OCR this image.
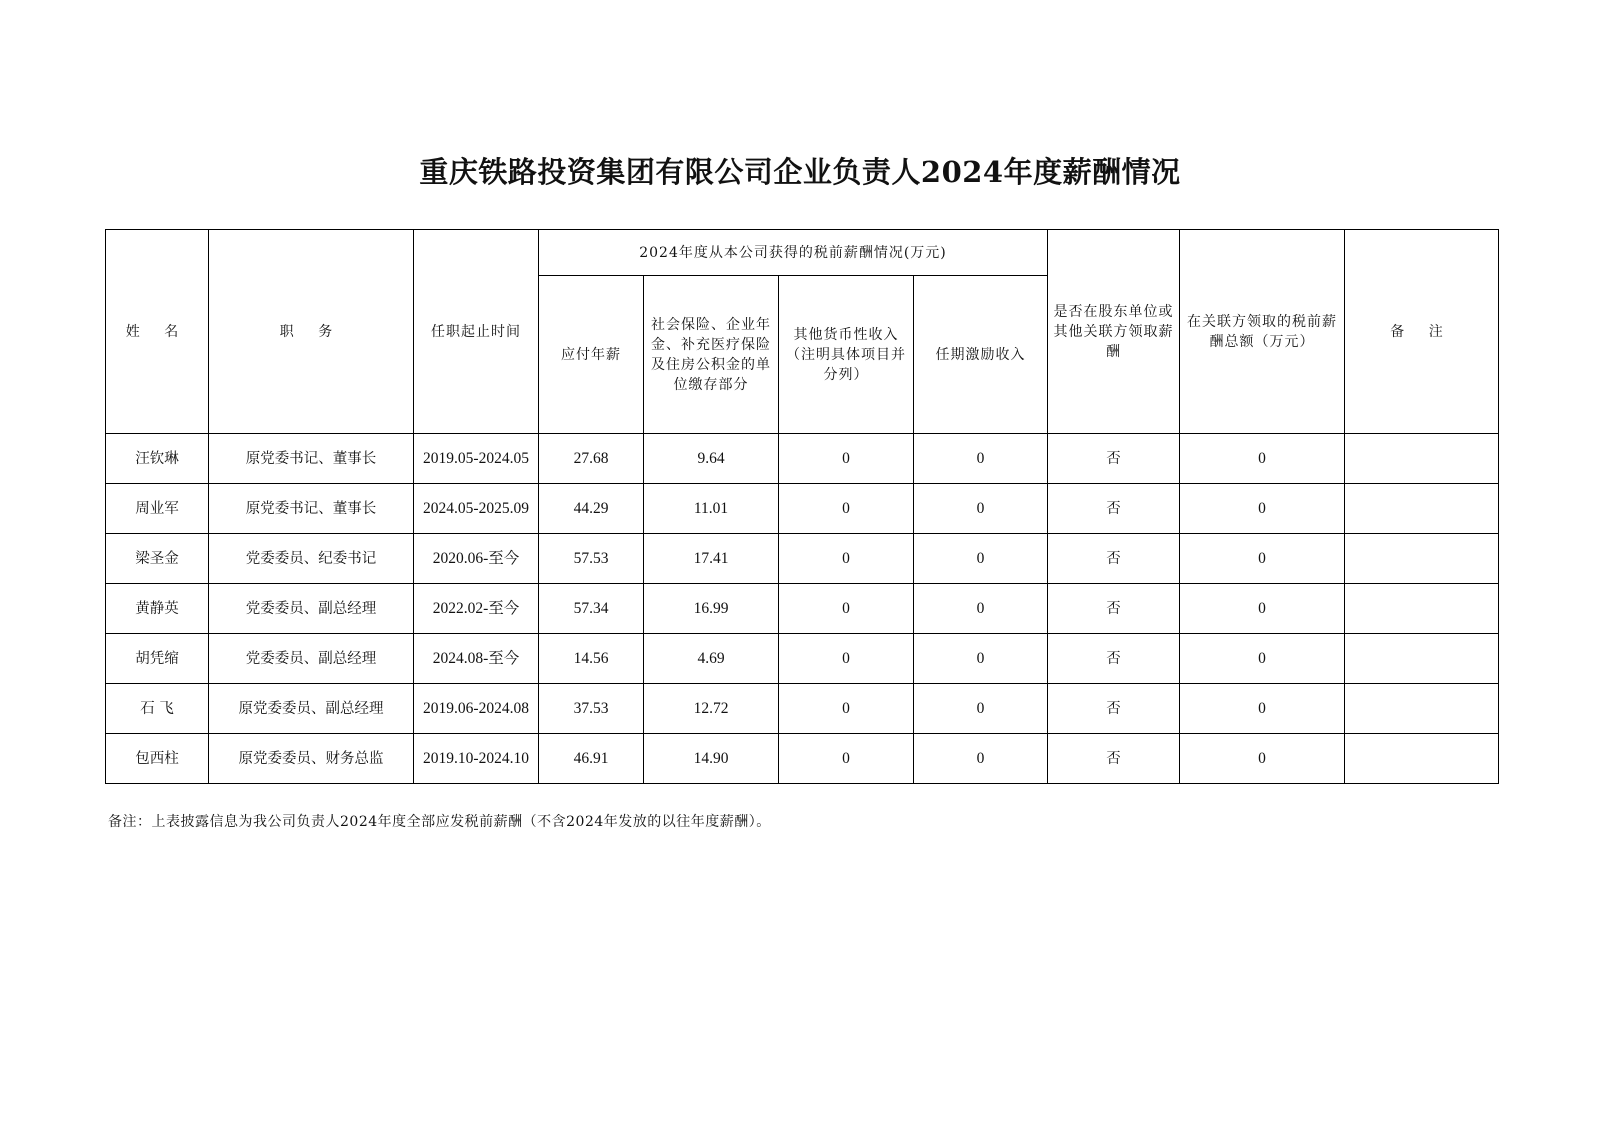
重庆铁路投资集团有限公司企业负责人2024年度薪酬情况
姓 名	职 务	任职起止时间	2024年度从本公司获得的税前薪酬情况(万元)				是否在股东单位或其他关联方领取薪酬	在关联方领取的税前薪酬总额（万元）	备 注
			应付年薪	社会保险、企业年金、补充医疗保险及住房公积金的单位缴存部分	其他货币性收入（注明具体项目并分列）	任期激励收入			
汪钦琳	原党委书记、董事长	2019.05-2024.05	27.68	9.64	0	0	否	0	
周业军	原党委书记、董事长	2024.05-2025.09	44.29	11.01	0	0	否	0	
梁圣金	党委委员、纪委书记	2020.06-至今	57.53	17.41	0	0	否	0	
黄静英	党委委员、副总经理	2022.02-至今	57.34	16.99	0	0	否	0	
胡凭缩	党委委员、副总经理	2024.08-至今	14.56	4.69	0	0	否	0	
石 飞	原党委委员、副总经理	2019.06-2024.08	37.53	12.72	0	0	否	0	
包西柱	原党委委员、财务总监	2019.10-2024.10	46.91	14.90	0	0	否	0	
备注：上表披露信息为我公司负责人2024年度全部应发税前薪酬（不含2024年发放的以往年度薪酬）。
